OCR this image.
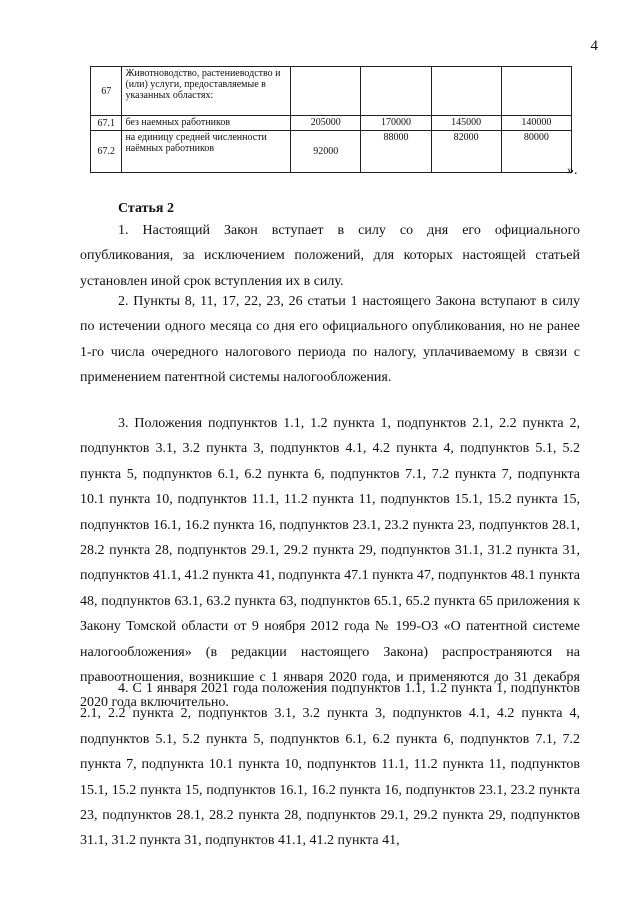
4
67	Животноводство, растениеводство и (или) услуги, предоставляемые в указанных областях:				
67.1	без наемных работников	205000	170000	145000	140000
67.2	на единицу средней численности наёмных работников	92000	88000	82000	80000
».
Статья 2

1. Настоящий Закон вступает в силу со дня его официального опубликования, за исключением положений, для которых настоящей статьей установлен иной срок вступления их в силу.

2. Пункты 8, 11, 17, 22, 23, 26 статьи 1 настоящего Закона вступают в силу по истечении одного месяца со дня его официального опубликования, но не ранее 1-го числа очередного налогового периода по налогу, уплачиваемому в связи с применением патентной системы налогообложения.

3. Положения подпунктов 1.1, 1.2 пункта 1, подпунктов 2.1, 2.2 пункта 2, подпунктов 3.1, 3.2 пункта 3, подпунктов 4.1, 4.2 пункта 4, подпунктов 5.1, 5.2 пункта 5, подпунктов 6.1, 6.2 пункта 6, подпунктов 7.1, 7.2 пункта 7, подпункта 10.1 пункта 10, подпунктов 11.1, 11.2 пункта 11, подпунктов 15.1, 15.2 пункта 15, подпунктов 16.1, 16.2 пункта 16, подпунктов 23.1, 23.2 пункта 23, подпунктов 28.1, 28.2 пункта 28, подпунктов 29.1, 29.2 пункта 29, подпунктов 31.1, 31.2 пункта 31, подпунктов 41.1, 41.2 пункта 41, подпункта 47.1 пункта 47, подпунктов 48.1 пункта 48, подпунктов 63.1, 63.2 пункта 63, подпунктов 65.1, 65.2 пункта 65 приложения к Закону Томской области от 9 ноября 2012 года № 199-ОЗ «О патентной системе налогообложения» (в редакции настоящего Закона) распространяются на правоотношения, возникшие с 1 января 2020 года, и применяются до 31 декабря 2020 года включительно.

4. С 1 января 2021 года положения подпунктов 1.1, 1.2 пункта 1, подпунктов 2.1, 2.2 пункта 2, подпунктов 3.1, 3.2 пункта 3, подпунктов 4.1, 4.2 пункта 4, подпунктов 5.1, 5.2 пункта 5, подпунктов 6.1, 6.2 пункта 6, подпунктов 7.1, 7.2 пункта 7, подпункта 10.1 пункта 10, подпунктов 11.1, 11.2 пункта 11, подпунктов 15.1, 15.2 пункта 15, подпунктов 16.1, 16.2 пункта 16, подпунктов 23.1, 23.2 пункта 23, подпунктов 28.1, 28.2 пункта 28, подпунктов 29.1, 29.2 пункта 29, подпунктов 31.1, 31.2 пункта 31, подпунктов 41.1, 41.2 пункта 41,
